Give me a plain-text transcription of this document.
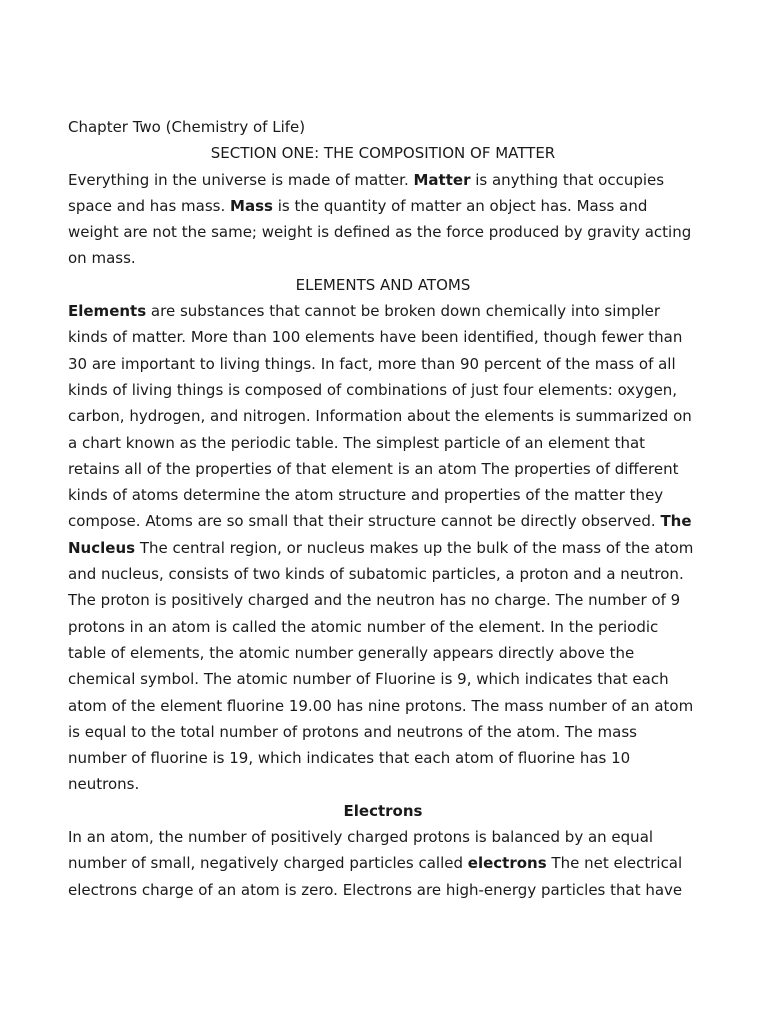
Chapter Two (Chemistry of Life)
SECTION ONE: THE COMPOSITION OF MATTER
Everything in the universe is made of matter. Matter is anything that occupies
space and has mass. Mass is the quantity of matter an object has. Mass and
weight are not the same; weight is defined as the force produced by gravity acting
on mass.
ELEMENTS AND ATOMS
Elements are substances that cannot be broken down chemically into simpler
kinds of matter. More than 100 elements have been identified, though fewer than
30 are important to living things. In fact, more than 90 percent of the mass of all
kinds of living things is composed of combinations of just four elements: oxygen,
carbon, hydrogen, and nitrogen. Information about the elements is summarized on
a chart known as the periodic table. The simplest particle of an element that
retains all of the properties of that element is an atom The properties of different
kinds of atoms determine the atom structure and properties of the matter they
compose. Atoms are so small that their structure cannot be directly observed. The
Nucleus The central region, or nucleus makes up the bulk of the mass of the atom
and nucleus, consists of two kinds of subatomic particles, a proton and a neutron.
The proton is positively charged and the neutron has no charge. The number of 9
protons in an atom is called the atomic number of the element. In the periodic
table of elements, the atomic number generally appears directly above the
chemical symbol. The atomic number of Fluorine is 9, which indicates that each
atom of the element fluorine 19.00 has nine protons. The mass number of an atom
is equal to the total number of protons and neutrons of the atom. The mass
number of fluorine is 19, which indicates that each atom of fluorine has 10
neutrons.
Electrons
In an atom, the number of positively charged protons is balanced by an equal
number of small, negatively charged particles called electrons The net electrical
electrons charge of an atom is zero. Electrons are high-energy particles that have
